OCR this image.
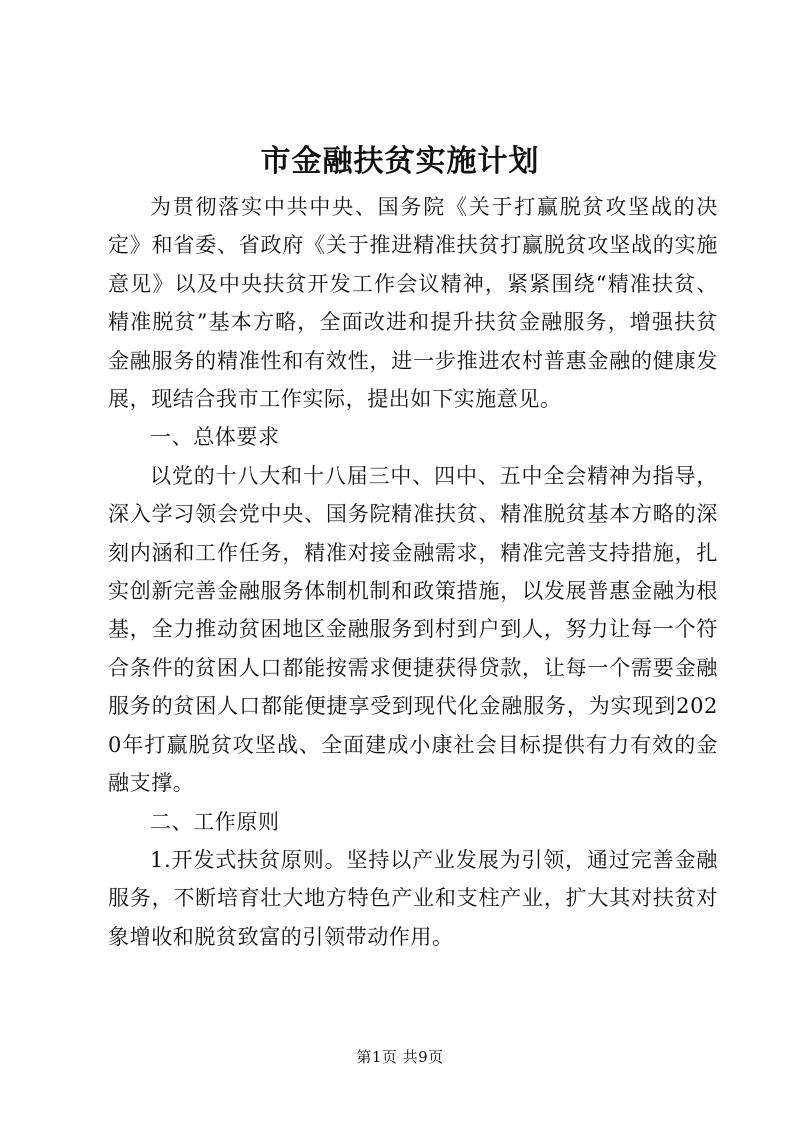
市金融扶贫实施计划

为贯彻落实中共中央、国务院《关于打赢脱贫攻坚战的决定》和省委、省政府《关于推进精准扶贫打赢脱贫攻坚战的实施意见》以及中央扶贫开发工作会议精神，紧紧围绕“精准扶贫、精准脱贫”基本方略，全面改进和提升扶贫金融服务，增强扶贫金融服务的精准性和有效性，进一步推进农村普惠金融的健康发展，现结合我市工作实际，提出如下实施意见。

一、总体要求

以党的十八大和十八届三中、四中、五中全会精神为指导，深入学习领会党中央、国务院精准扶贫、精准脱贫基本方略的深刻内涵和工作任务，精准对接金融需求，精准完善支持措施，扎实创新完善金融服务体制机制和政策措施，以发展普惠金融为根基，全力推动贫困地区金融服务到村到户到人，努力让每一个符合条件的贫困人口都能按需求便捷获得贷款，让每一个需要金融服务的贫困人口都能便捷享受到现代化金融服务，为实现到2020年打赢脱贫攻坚战、全面建成小康社会目标提供有力有效的金融支撑。

二、工作原则

1.开发式扶贫原则。坚持以产业发展为引领，通过完善金融服务，不断培育壮大地方特色产业和支柱产业，扩大其对扶贫对象增收和脱贫致富的引领带动作用。

第1页 共9页
